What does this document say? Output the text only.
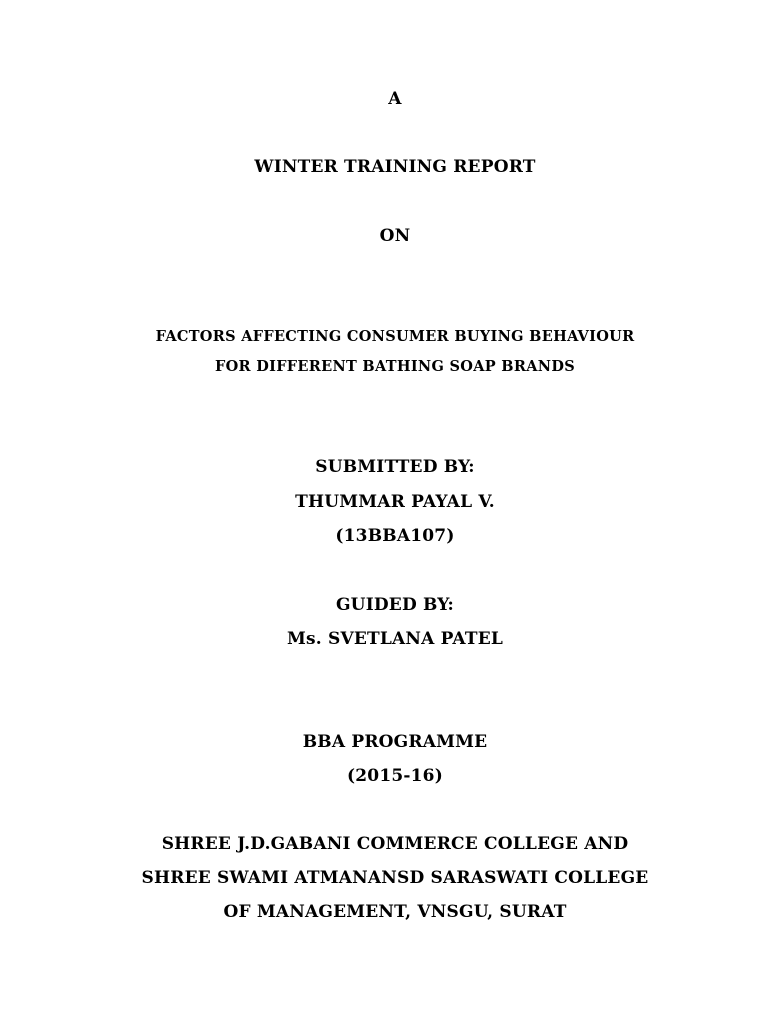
A
WINTER TRAINING REPORT
ON
FACTORS AFFECTING CONSUMER BUYING BEHAVIOUR
FOR DIFFERENT BATHING SOAP BRANDS
SUBMITTED BY:
THUMMAR PAYAL V.
(13BBA107)
GUIDED BY:
Ms. SVETLANA PATEL
BBA PROGRAMME
(2015-16)
SHREE J.D.GABANI COMMERCE COLLEGE AND
SHREE SWAMI ATMANANSD SARASWATI COLLEGE
OF MANAGEMENT, VNSGU, SURAT
